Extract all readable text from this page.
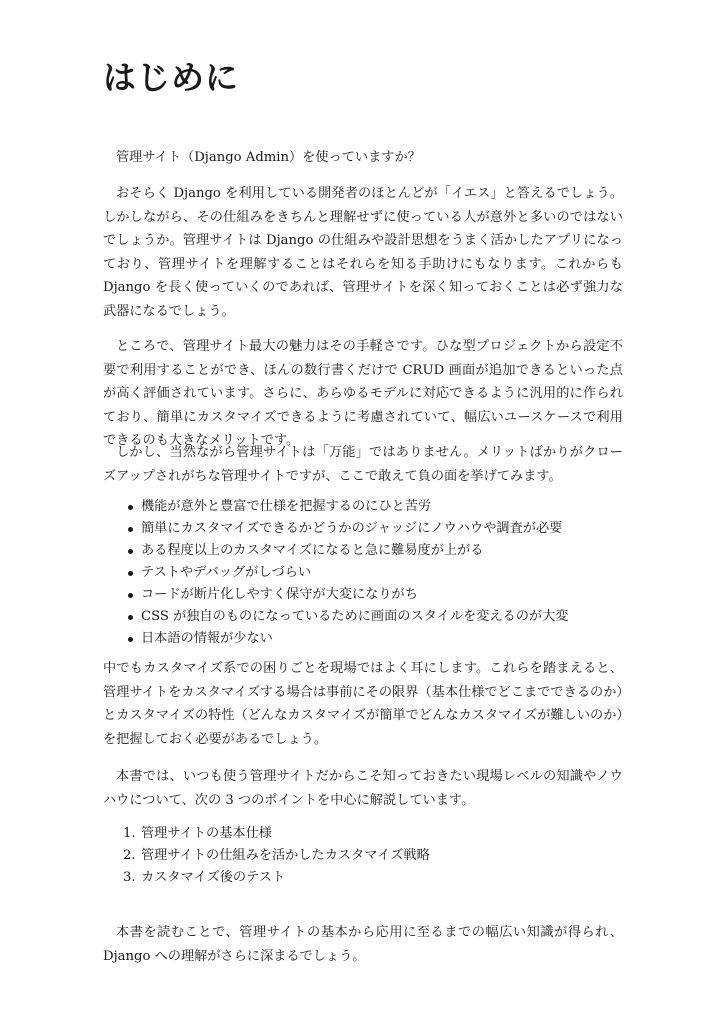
はじめに

管理サイト（Django Admin）を使っていますか？

おそらく Django を利用している開発者のほとんどが「イエス」と答えるでしょう。しかしながら、その仕組みをきちんと理解せずに使っている人が意外と多いのではないでしょうか。管理サイトは Django の仕組みや設計思想をうまく活かしたアプリになっており、管理サイトを理解することはそれらを知る手助けにもなります。これからも Django を長く使っていくのであれば、管理サイトを深く知っておくことは必ず強力な武器になるでしょう。

ところで、管理サイト最大の魅力はその手軽さです。ひな型プロジェクトから設定不要で利用することができ、ほんの数行書くだけで CRUD 画面が追加できるといった点が高く評価されています。さらに、あらゆるモデルに対応できるように汎用的に作られており、簡単にカスタマイズできるように考慮されていて、幅広いユースケースで利用できるのも大きなメリットです。

しかし、当然ながら管理サイトは「万能」ではありません。メリットばかりがクローズアップされがちな管理サイトですが、ここで敢えて負の面を挙げてみます。

機能が意外と豊富で仕様を把握するのにひと苦労
簡単にカスタマイズできるかどうかのジャッジにノウハウや調査が必要
ある程度以上のカスタマイズになると急に難易度が上がる
テストやデバッグがしづらい
コードが断片化しやすく保守が大変になりがち
CSS が独自のものになっているために画面のスタイルを変えるのが大変
日本語の情報が少ない

中でもカスタマイズ系での困りごとを現場ではよく耳にします。これらを踏まえると、管理サイトをカスタマイズする場合は事前にその限界（基本仕様でどこまでできるのか）とカスタマイズの特性（どんなカスタマイズが簡単でどんなカスタマイズが難しいのか）を把握しておく必要があるでしょう。

本書では、いつも使う管理サイトだからこそ知っておきたい現場レベルの知識やノウハウについて、次の 3 つのポイントを中心に解説しています。

1. 管理サイトの基本仕様
2. 管理サイトの仕組みを活かしたカスタマイズ戦略
3. カスタマイズ後のテスト

本書を読むことで、管理サイトの基本から応用に至るまでの幅広い知識が得られ、Django への理解がさらに深まるでしょう。
